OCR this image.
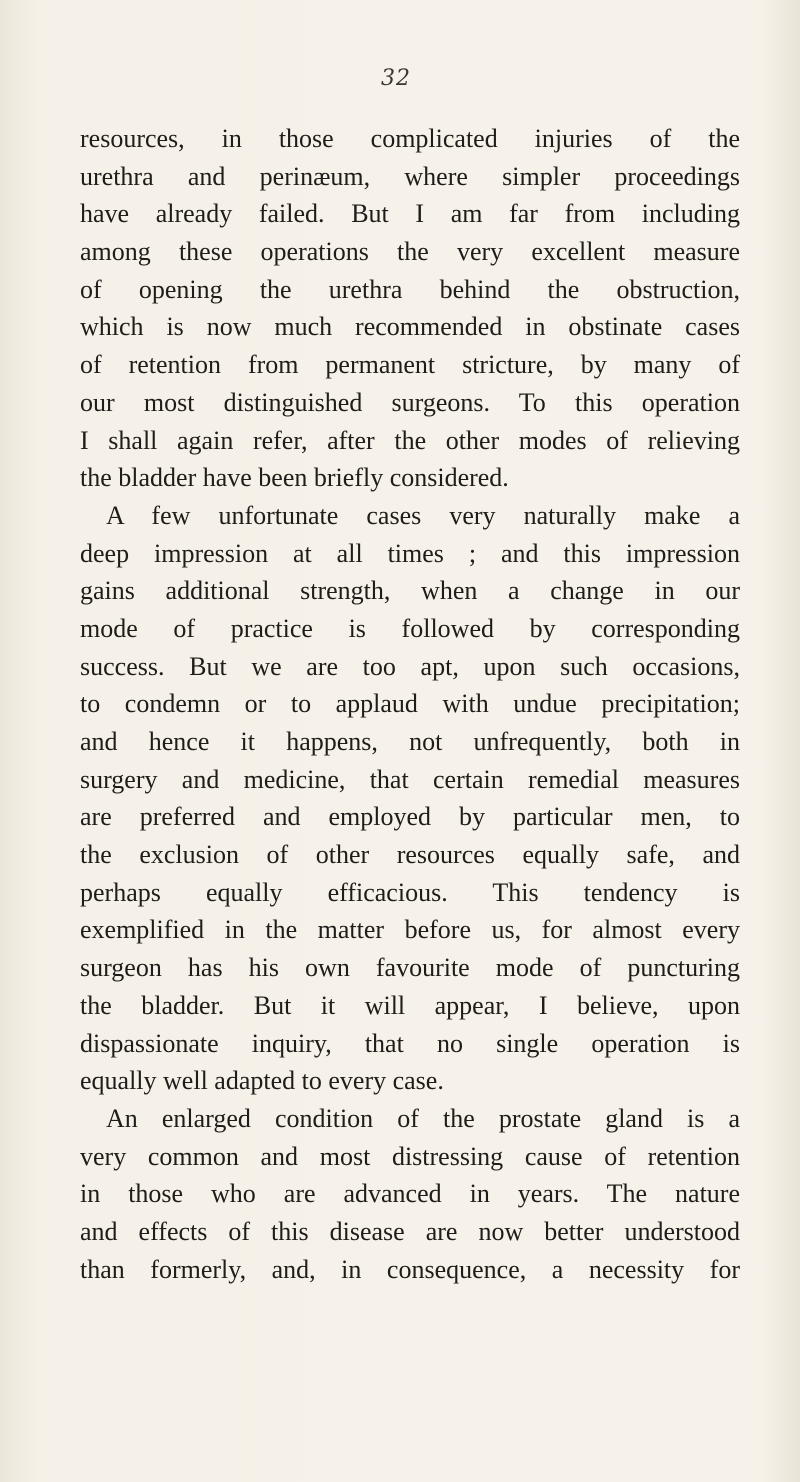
32
resources, in those complicated injuries of the
urethra and perinæum, where simpler proceedings
have already failed. But I am far from including
among these operations the very excellent measure
of opening the urethra behind the obstruction,
which is now much recommended in obstinate cases
of retention from permanent stricture, by many of
our most distinguished surgeons. To this operation
I shall again refer, after the other modes of relieving
the bladder have been briefly considered.
A few unfortunate cases very naturally make a
deep impression at all times ; and this impression
gains additional strength, when a change in our
mode of practice is followed by corresponding
success. But we are too apt, upon such occasions,
to condemn or to applaud with undue precipitation;
and hence it happens, not unfrequently, both in
surgery and medicine, that certain remedial measures
are preferred and employed by particular men, to
the exclusion of other resources equally safe, and
perhaps equally efficacious. This tendency is
exemplified in the matter before us, for almost every
surgeon has his own favourite mode of puncturing
the bladder. But it will appear, I believe, upon
dispassionate inquiry, that no single operation is
equally well adapted to every case.
An enlarged condition of the prostate gland is a
very common and most distressing cause of retention
in those who are advanced in years. The nature
and effects of this disease are now better understood
than formerly, and, in consequence, a necessity for
